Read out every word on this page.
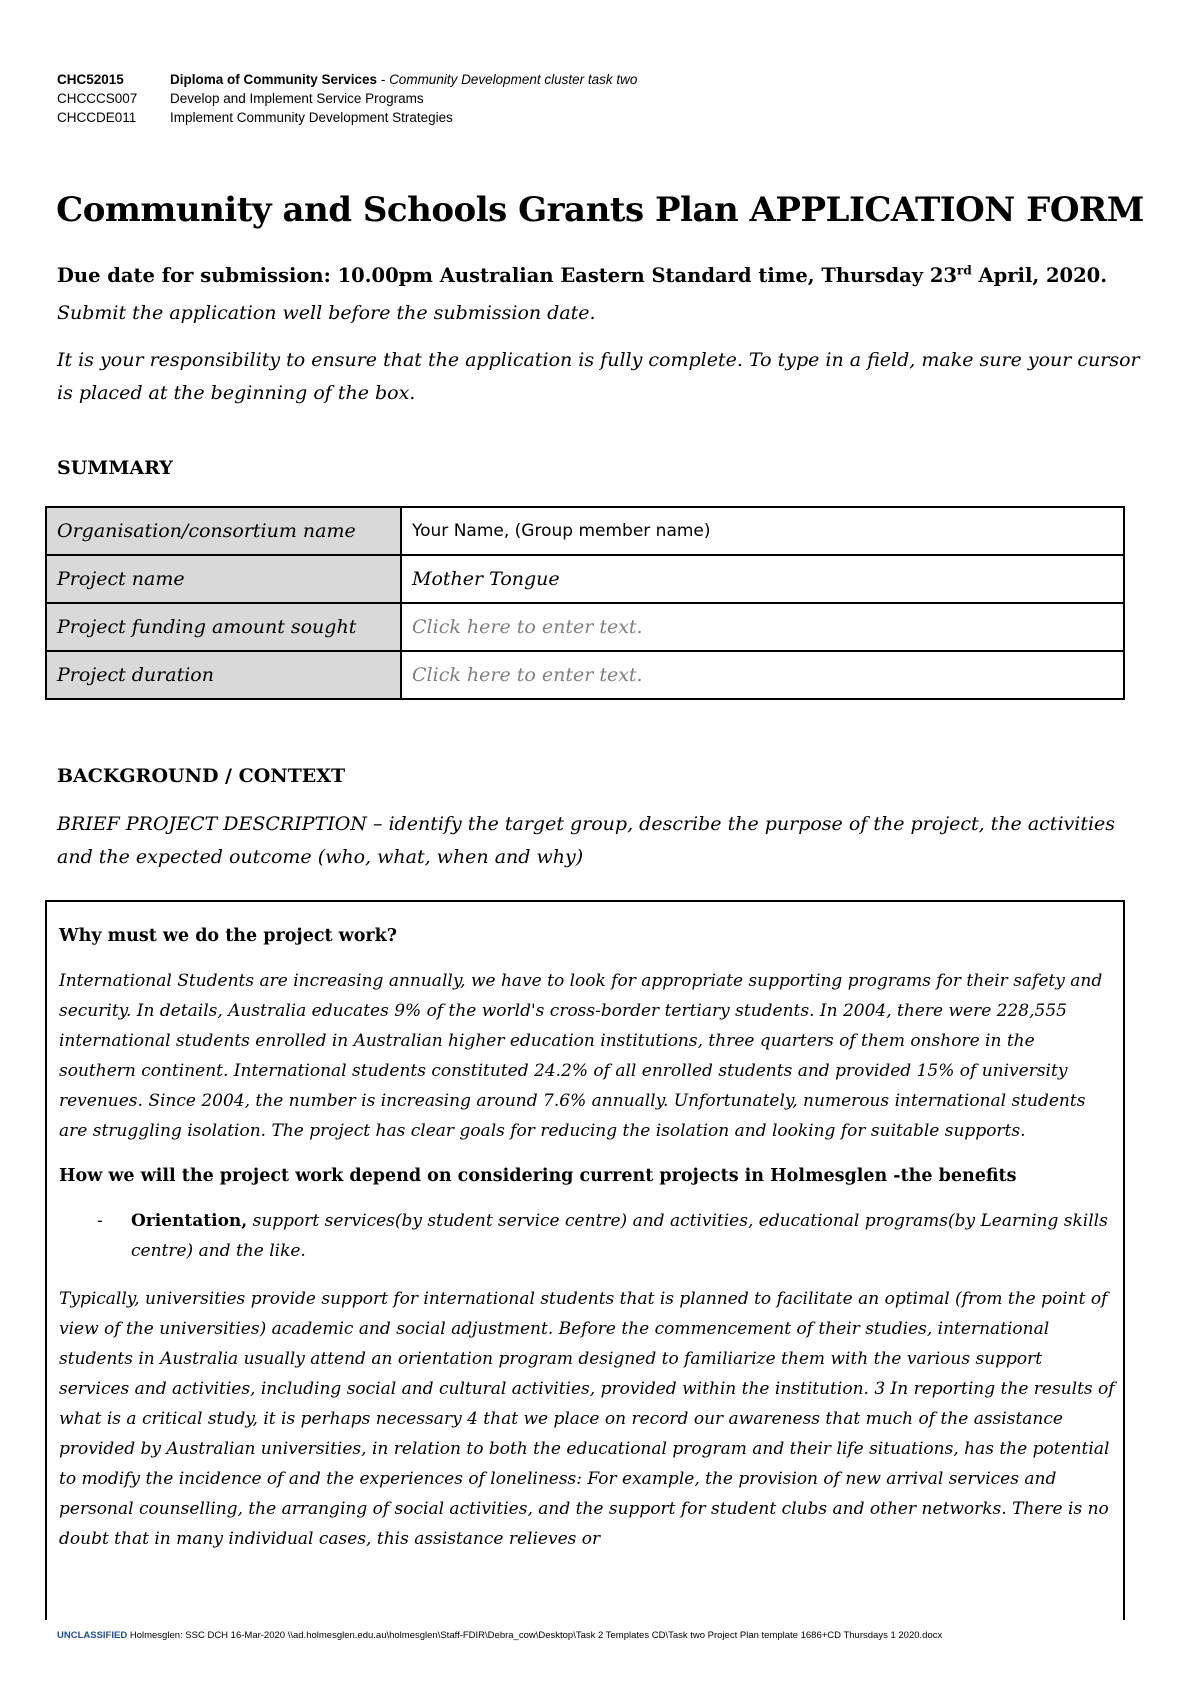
CHC52015	Diploma of Community Services - Community Development cluster task two
CHCCCS007 Develop and Implement Service Programs
CHCCDE011 Implement Community Development Strategies
Community and Schools Grants Plan APPLICATION FORM
Due date for submission: 10.00pm Australian Eastern Standard time, Thursday 23rd April, 2020.
Submit the application well before the submission date.
It is your responsibility to ensure that the application is fully complete. To type in a field, make sure your cursor is placed at the beginning of the box.
SUMMARY
Organisation/consortium name	Your Name, (Group member name)
Project name	Mother Tongue
Project funding amount sought	Click here to enter text.
Project duration	Click here to enter text.
BACKGROUND / CONTEXT
BRIEF PROJECT DESCRIPTION – identify the target group, describe the purpose of the project, the activities and the expected outcome (who, what, when and why)
Why must we do the project work?

International Students are increasing annually, we have to look for appropriate supporting programs for their safety and security. In details, Australia educates 9% of the world's cross-border tertiary students. In 2004, there were 228,555 international students enrolled in Australian higher education institutions, three quarters of them onshore in the southern continent. International students constituted 24.2% of all enrolled students and provided 15% of university revenues. Since 2004, the number is increasing around 7.6% annually. Unfortunately, numerous international students are struggling isolation. The project has clear goals for reducing the isolation and looking for suitable supports.

How we will the project work depend on considering current projects in Holmesglen -the benefits
- Orientation, support services(by student service centre) and activities, educational programs(by Learning skills centre) and the like.

Typically, universities provide support for international students that is planned to facilitate an optimal (from the point of view of the universities) academic and social adjustment. Before the commencement of their studies, international students in Australia usually attend an orientation program designed to familiarize them with the various support services and activities, including social and cultural activities, provided within the institution. 3 In reporting the results of what is a critical study, it is perhaps necessary 4 that we place on record our awareness that much of the assistance provided by Australian universities, in relation to both the educational program and their life situations, has the potential to modify the incidence of and the experiences of loneliness: For example, the provision of new arrival services and personal counselling, the arranging of social activities, and the support for student clubs and other networks. There is no doubt that in many individual cases, this assistance relieves or

UNCLASSIFIED Holmesglen: SSC DCH 16-Mar-2020 \\ad.holmesglen.edu.au\holmesglen\Staff-FDIR\Debra_cow\Desktop\Task 2 Templates CD\Task two Project Plan template 1686+CD Thursdays 1 2020.docx
